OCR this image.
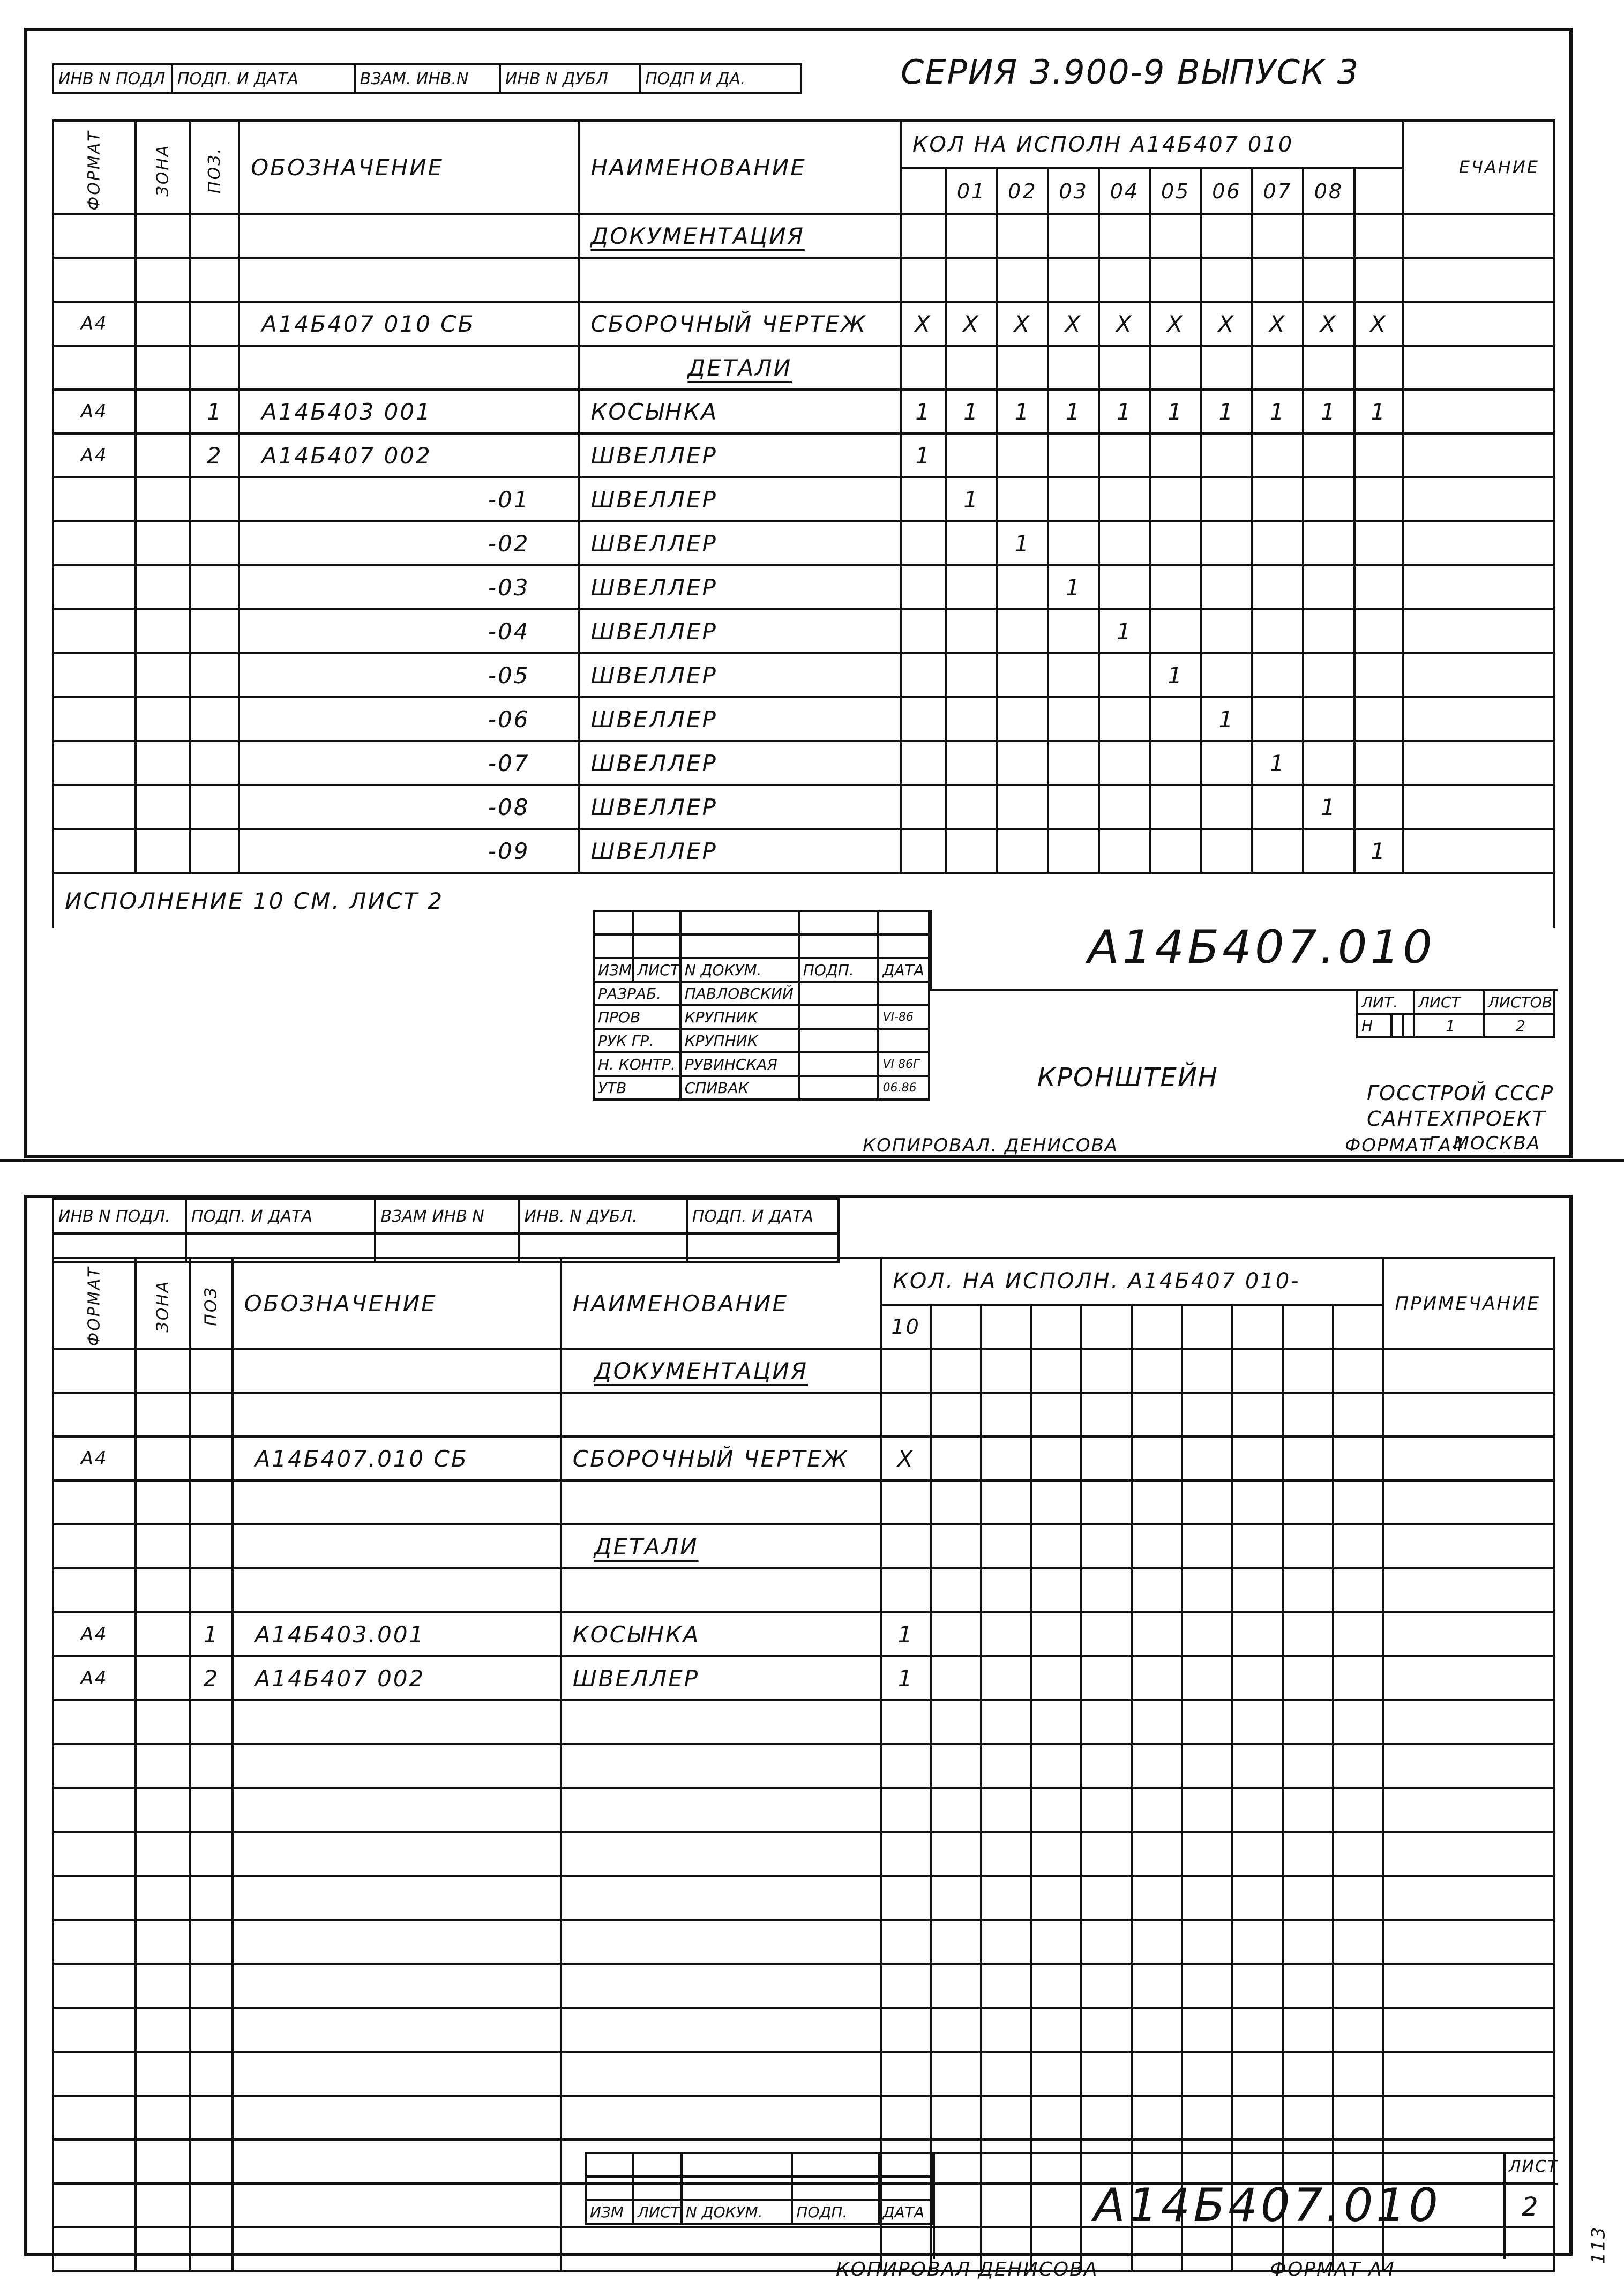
ИНВ N ПОДЛ	ПОДП. И ДАТА	ВЗАМ. ИНВ.N	ИНВ N ДУБЛ	ПОДП И ДА.	СЕРИЯ 3.900-9 ВЫПУСК 3
ФОРМАТ	ЗОНА	ПОЗ.	ОБОЗНАЧЕНИЕ	НАИМЕНОВАНИЕ	КОЛ НА ИСПОЛН А14Б407 010										ЕЧАНИЕ
						01	02	03	04	05	06	07	08		
				ДОКУМЕНТАЦИЯ											

А4			А14Б407 010 СБ	СБОРОЧНЫЙ ЧЕРТЕЖ	Х	Х	Х	Х	Х	Х	Х	Х	Х	Х	
				ДЕТАЛИ											
А4		1	А14Б403 001	КОСЫНКА	1	1	1	1	1	1	1	1	1	1	
А4		2	А14Б407 002	ШВЕЛЛЕР	1										
			-01	ШВЕЛЛЕР		1									
			-02	ШВЕЛЛЕР			1								
			-03	ШВЕЛЛЕР				1							
			-04	ШВЕЛЛЕР					1						
			-05	ШВЕЛЛЕР						1					
			-06	ШВЕЛЛЕР							1				
			-07	ШВЕЛЛЕР								1			
			-08	ШВЕЛЛЕР									1		
			-09	ШВЕЛЛЕР										1	
ИСПОЛНЕНИЕ 10 СМ. ЛИСТ 2															

ИЗМ	ЛИСТ	N ДОКУМ.	ПОДП.	ДАТА
РАЗРАБ.		ПАВЛОВСКИЙ		
ПРОВ		КРУПНИК		VI-86
РУК ГР.		КРУПНИК		
Н. КОНТР.		РУВИНСКАЯ		VI 86Г
УТВ		СПИВАК		06.86
А14Б407.010
КРОНШТЕЙН
ЛИТ.			ЛИСТ	ЛИСТОВ
Н			1	2
ГОССТРОЙ СССР
САНТЕХПРОЕКТ
Г. МОСКВА
КОПИРОВАЛ. ДЕНИСОВА	ФОРМАТ А4
ИНВ N ПОДЛ.	ПОДП. И ДАТА	ВЗАМ ИНВ N	ИНВ. N ДУБЛ.	ПОДП. И ДАТА

ФОРМАТ	ЗОНА	ПОЗ	ОБОЗНАЧЕНИЕ	НАИМЕНОВАНИЕ	КОЛ. НА ИСПОЛН. А14Б407 010-										ПРИМЕЧАНИЕ
					10										
				ДОКУМЕНТАЦИЯ											

А4			А14Б407.010 СБ	СБОРОЧНЫЙ ЧЕРТЕЖ	Х										

				ДЕТАЛИ											

А4		1	А14Б403.001	КОСЫНКА	1										
А4		2	А14Б407 002	ШВЕЛЛЕР	1										

ИЗМ	ЛИСТ	N ДОКУМ.	ПОДП.	ДАТА	А14Б407.010
ЛИСТ
2
КОПИРОВАЛ ДЕНИСОВА	ФОРМАТ А4
113
